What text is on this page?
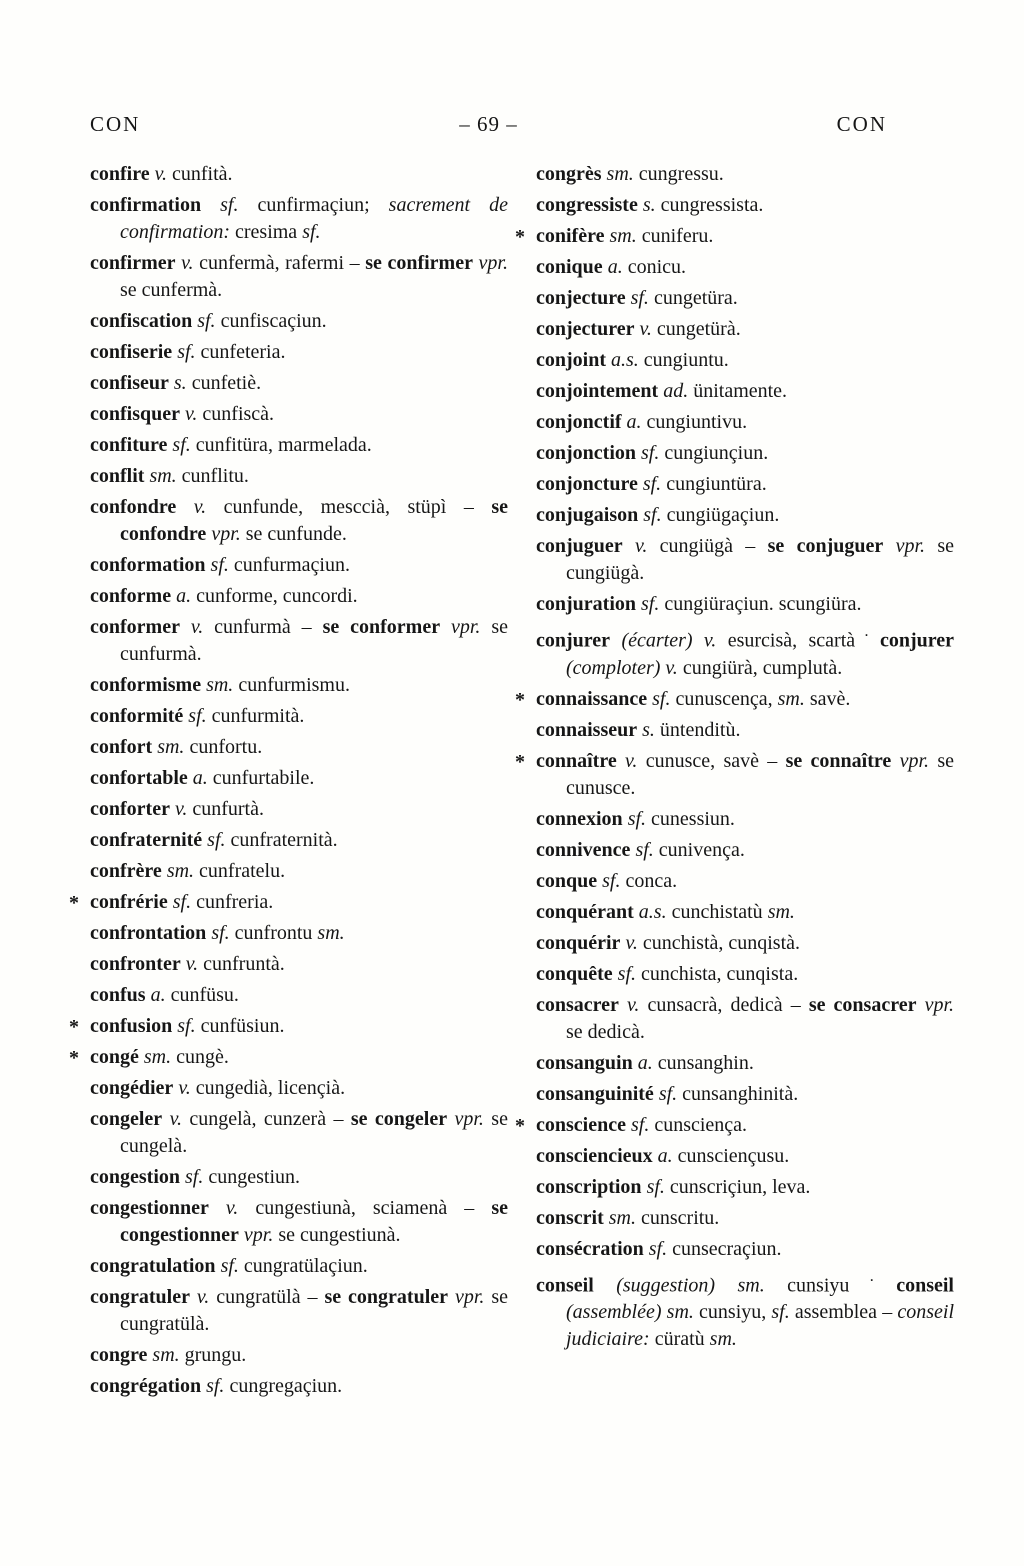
CON	– 69 –	CON
confire v. cunfità.
confirmation sf. cunfirmaçiun; sacrement de confirmation: cresima sf.
confirmer v. cunfermà, rafermi – se confirmer vpr. se cunfermà.
confiscation sf. cunfiscaçiun.
confiserie sf. cunfeteria.
confiseur s. cunfetiè.
confisquer v. cunfiscà.
confiture sf. cunfitüra, marmelada.
conflit sm. cunflitu.
confondre v. cunfunde, mesccià, stüpì – se confondre vpr. se cunfunde.
conformation sf. cunfurmaçiun.
conforme a. cunforme, cuncordi.
conformer v. cunfurmà – se conformer vpr. se cunfurmà.
conformisme sm. cunfurmismu.
conformité sf. cunfurmità.
confort sm. cunfortu.
confortable a. cunfurtabile.
conforter v. cunfurtà.
confraternité sf. cunfraternità.
confrère sm. cunfratelu.
* confrérie sf. cunfreria.
confrontation sf. cunfrontu sm.
confronter v. cunfruntà.
confus a. cunfüsu.
* confusion sf. cunfüsiun.
* congé sm. cungè.
congédier v. cungedià, licençià.
congeler v. cungelà, cunzerà – se congeler vpr. se cungelà.
congestion sf. cungestiun.
congestionner v. cungestiunà, sciamenà – se congestionner vpr. se cungestiunà.
congratulation sf. cungratülaçiun.
congratuler v. cungratülà – se congratuler vpr. se cungratülà.
congre sm. grungu.
congrégation sf. cungregaçiun.
congrès sm. cungressu.
congressiste s. cungressista.
* conifère sm. cuniferu.
conique a. conicu.
conjecture sf. cungetüra.
conjecturer v. cungetürà.
conjoint a.s. cungiuntu.
conjointement ad. ünitamente.
conjonctif a. cungiuntivu.
conjonction sf. cungiunçiun.
conjoncture sf. cungiuntüra.
conjugaison sf. cungiügaçiun.
conjuguer v. cungiügà – se conjuguer vpr. se cungiügà.
conjuration sf. cungiüraçiun. scungiüra.
conjurer (écarter) v. esurcisà, scartà · conjurer (comploter) v. cungiürà, cumplutà.
* connaissance sf. cunuscença, sm. savè.
connaisseur s. üntenditù.
* connaître v. cunusce, savè – se connaître vpr. se cunusce.
connexion sf. cunessiun.
connivence sf. cunivença.
conque sf. conca.
conquérant a.s. cunchistatù sm.
conquérir v. cunchistà, cunqistà.
conquête sf. cunchista, cunqista.
consacrer v. cunsacrà, dedicà – se consacrer vpr. se dedicà.
consanguin a. cunsanghin.
consanguinité sf. cunsanghinità.
* conscience sf. cunsciença.
consciencieux a. cunsciençusu.
conscription sf. cunscriçiun, leva.
conscrit sm. cunscritu.
consécration sf. cunsecraçiun.
conseil (suggestion) sm. cunsiyu · conseil (assemblée) sm. cunsiyu, sf. assemblea – conseil judiciaire: cüratù sm.
